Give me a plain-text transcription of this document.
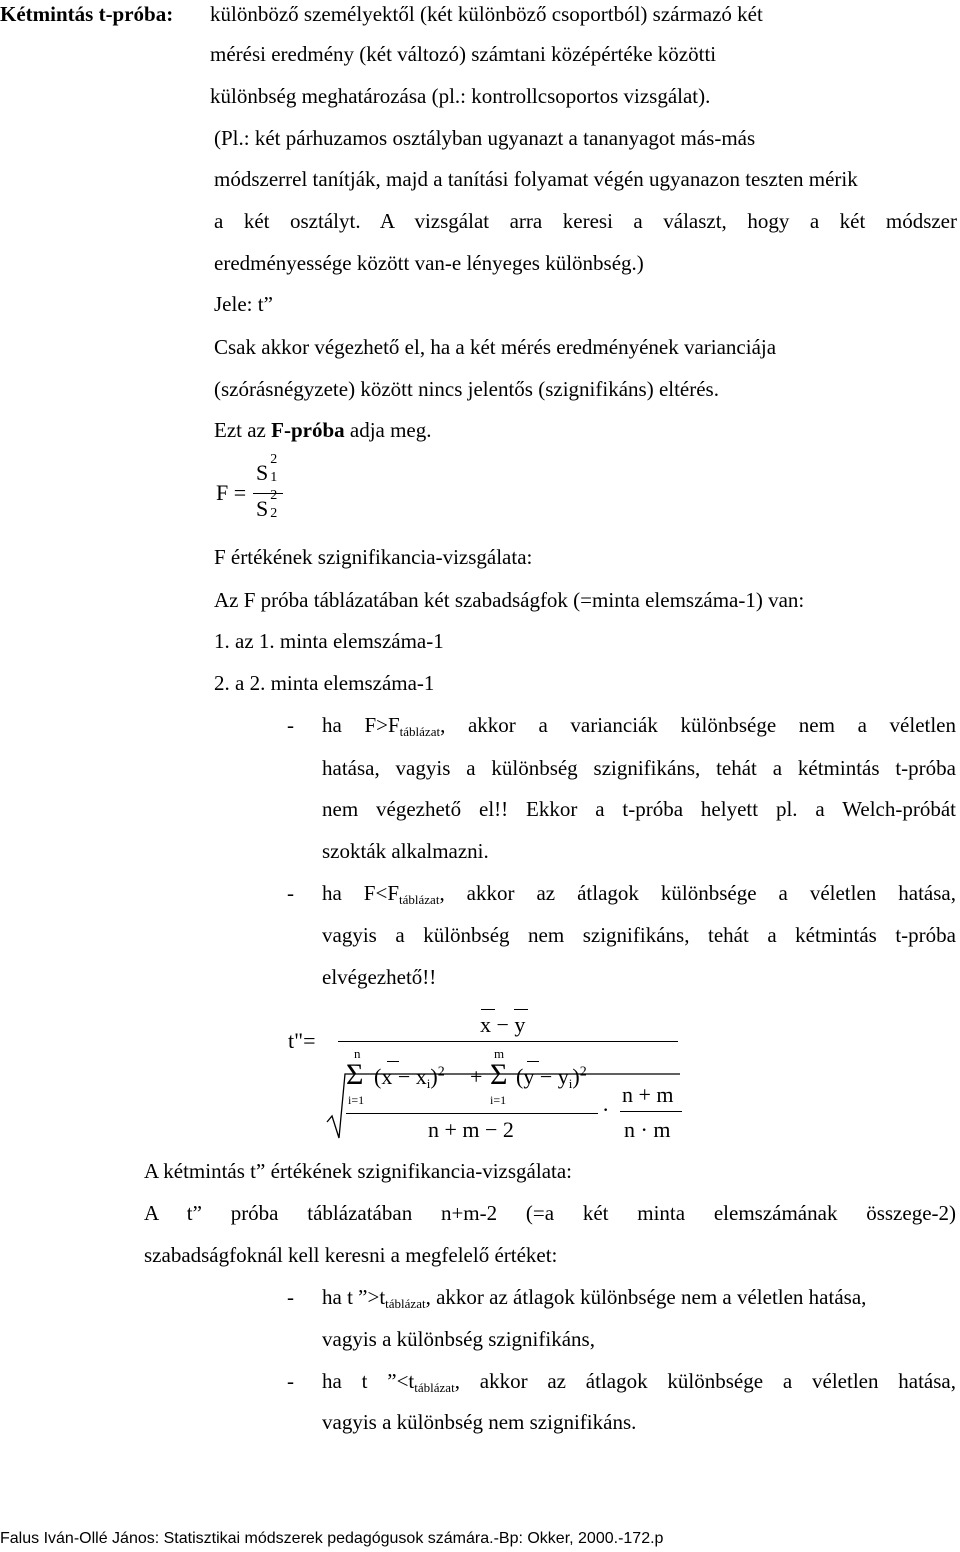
Kétmintás t-próba: különböző személyektől (két különböző csoportból) származó két
mérési eredmény (két változó) számtani középértéke közötti
különbség meghatározása (pl.: kontrollcsoportos vizsgálat).
(Pl.: két párhuzamos osztályban ugyanazt a tananyagot más-más
módszerrel tanítják, majd a tanítási folyamat végén ugyanazon teszten mérik
a két osztályt. A vizsgálat arra keresi a választ, hogy a két módszer
eredményessége között van-e lényeges különbség.)
Jele: t”
Csak akkor végezhető el, ha a két mérés eredményének varianciája
(szórásnégyzete) között nincs jelentős (szignifikáns) eltérés.
Ezt az F-próba adja meg.
F =
S
2
1
S
2
2
F értékének szignifikancia-vizsgálata:
Az F próba táblázatában két szabadságfok (=minta elemszáma-1) van:
1. az 1. minta elemszáma-1
2. a 2. minta elemszáma-1
- ha $F>F_{táblázat}$, akkor a varianciák különbsége nem a véletlen
hatása, vagyis a különbség szignifikáns, tehát a kétmintás t-próba
nem végezhető el!! Ekkor a t-próba helyett pl. a Welch-próbát
szokták alkalmazni.
- ha $F<F_{táblázat}$, akkor az átlagok különbsége a véletlen hatása,
vagyis a különbség nem szignifikáns, tehát a kétmintás t-próba
elvégezhető!!
t"=
x − y
n
Σ
i=1
$(x - x_i)^2$ +
m
Σ
i=1
$(y - y_i)^2$
n + m − 2
·
n + m
n · m
A kétmintás t” értékének szignifikancia-vizsgálata:
A t” próba táblázatában n+m-2 (=a két minta elemszámának összege-2)
szabadságfoknál kell keresni a megfelelő értéket:
- ha t $”>t_{táblázat}$, akkor az átlagok különbsége nem a véletlen hatása,
vagyis a különbség szignifikáns,
- ha t $”<t_{táblázat}$, akkor az átlagok különbsége a véletlen hatása,
vagyis a különbség nem szignifikáns.
Falus Iván-Ollé János: Statisztikai módszerek pedagógusok számára.-Bp: Okker, 2000.-172.p
